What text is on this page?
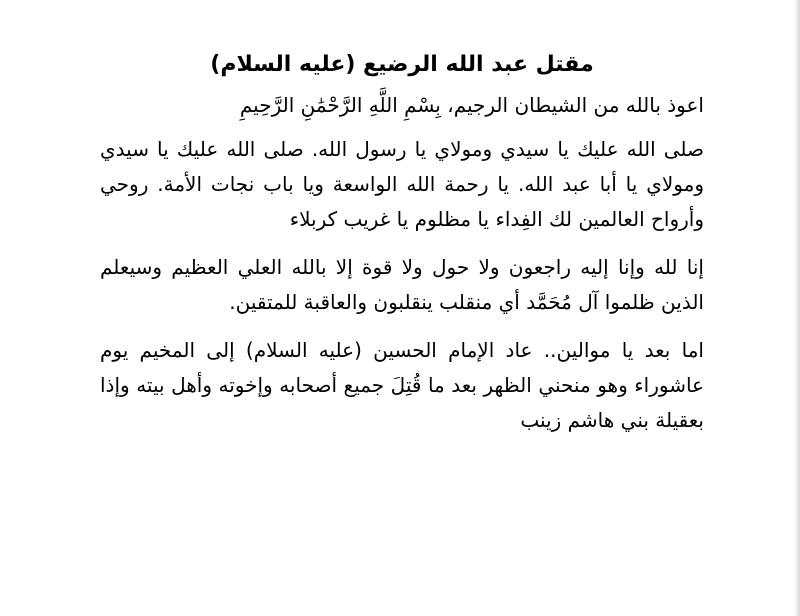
مقتل عبد الله الرضيع (عليه السلام)

اعوذ بالله من الشيطان الرجيم، بِسْمِ اللَّهِ الرَّحْمَٰنِ الرَّحِيمِ

صلى الله عليك يا سيدي ومولاي يا رسول الله. صلى الله عليك يا سيدي ومولاي يا أبا عبد الله. يا رحمة الله الواسعة ويا باب نجات الأمة. روحي وأرواح العالمين لك الفِداء يا مظلوم يا غريب كربلاء

إنا لله وإنا إليه راجعون ولا حول ولا قوة إلا بالله العلي العظيم وسيعلم الذين ظلموا آل مُحَمَّد أي منقلب ينقلبون والعاقبة للمتقين.

اما بعد يا موالين.. عاد الإمام الحسين (عليه السلام) إلى المخيم يوم عاشوراء وهو منحني الظهر بعد ما قُتِلَ جميع أصحابه وإخوته وأهل بيته وإذا بعقيلة بني هاشم زينب
